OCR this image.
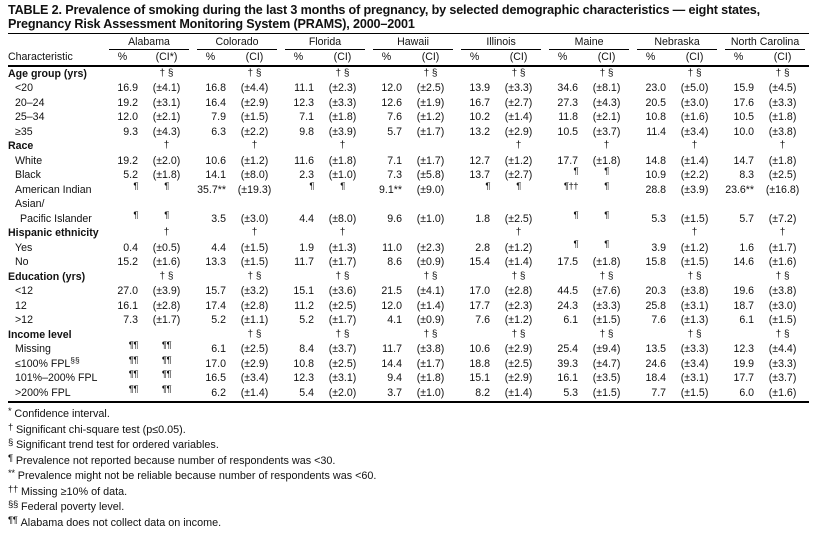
TABLE 2. Prevalence of smoking during the last 3 months of pregnancy, by selected demographic characteristics — eight states,
Pregnancy Risk Assessment Monitoring System (PRAMS), 2000–2001

	Alabama		Colorado		Florida		Hawaii		Illinois		Maine		Nebraska		North Carolina	

Characteristic	%	(CI*)	%	(CI)	%	(CI)	%	(CI)	%	(CI)	%	(CI)	%	(CI)	%	(CI)
Age group (yrs)		† §		† §		† §		† §		† §		† §		† §		† §
<20	16.9	(±4.1)	16.8	(±4.4)	11.1	(±2.3)	12.0	(±2.5)	13.9	(±3.3)	34.6	(±8.1)	23.0	(±5.0)	15.9	(±4.5)
20–24	19.2	(±3.1)	16.4	(±2.9)	12.3	(±3.3)	12.6	(±1.9)	16.7	(±2.7)	27.3	(±4.3)	20.5	(±3.0)	17.6	(±3.3)
25–34	12.0	(±2.1)	7.9	(±1.5)	7.1	(±1.8)	7.6	(±1.2)	10.2	(±1.4)	11.8	(±2.1)	10.8	(±1.6)	10.5	(±1.8)
≥35	9.3	(±4.3)	6.3	(±2.2)	9.8	(±3.9)	5.7	(±1.7)	13.2	(±2.9)	10.5	(±3.7)	11.4	(±3.4)	10.0	(±3.8)
Race		†		†		†				†		†		†		†
White	19.2	(±2.0)	10.6	(±1.2)	11.6	(±1.8)	7.1	(±1.7)	12.7	(±1.2)	17.7	(±1.8)	14.8	(±1.4)	14.7	(±1.8)
Black	5.2	(±1.8)	14.1	(±8.0)	2.3	(±1.0)	7.3	(±5.8)	13.7	(±2.7)	¶	¶	10.9	(±2.2)	8.3	(±2.5)
American Indian	¶	¶	35.7**	(±19.3)	¶	¶	9.1**	(±9.0)	¶	¶	¶††	¶	28.8	(±3.9)	23.6**	(±16.8)
Asian/																
Pacific Islander	¶	¶	3.5	(±3.0)	4.4	(±8.0)	9.6	(±1.0)	1.8	(±2.5)	¶	¶	5.3	(±1.5)	5.7	(±7.2)
Hispanic ethnicity		†		†		†				†				†		†
Yes	0.4	(±0.5)	4.4	(±1.5)	1.9	(±1.3)	11.0	(±2.3)	2.8	(±1.2)	¶	¶	3.9	(±1.2)	1.6	(±1.7)
No	15.2	(±1.6)	13.3	(±1.5)	11.7	(±1.7)	8.6	(±0.9)	15.4	(±1.4)	17.5	(±1.8)	15.8	(±1.5)	14.6	(±1.6)
Education (yrs)		† §		† §		† §		† §		† §		† §		† §		† §
<12	27.0	(±3.9)	15.7	(±3.2)	15.1	(±3.6)	21.5	(±4.1)	17.0	(±2.8)	44.5	(±7.6)	20.3	(±3.8)	19.6	(±3.8)
12	16.1	(±2.8)	17.4	(±2.8)	11.2	(±2.5)	12.0	(±1.4)	17.7	(±2.3)	24.3	(±3.3)	25.8	(±3.1)	18.7	(±3.0)
>12	7.3	(±1.7)	5.2	(±1.1)	5.2	(±1.7)	4.1	(±0.9)	7.6	(±1.2)	6.1	(±1.5)	7.6	(±1.3)	6.1	(±1.5)
Income level				† §		† §		† §		† §		† §		† §		† §
Missing	¶¶	¶¶	6.1	(±2.5)	8.4	(±3.7)	11.7	(±3.8)	10.6	(±2.9)	25.4	(±9.4)	13.5	(±3.3)	12.3	(±4.4)
≤100% FPL§§	¶¶	¶¶	17.0	(±2.9)	10.8	(±2.5)	14.4	(±1.7)	18.8	(±2.5)	39.3	(±4.7)	24.6	(±3.4)	19.9	(±3.3)
101%–200% FPL	¶¶	¶¶	16.5	(±3.4)	12.3	(±3.1)	9.4	(±1.8)	15.1	(±2.9)	16.1	(±3.5)	18.4	(±3.1)	17.7	(±3.7)
>200% FPL	¶¶	¶¶	6.2	(±1.4)	5.4	(±2.0)	3.7	(±1.0)	8.2	(±1.4)	5.3	(±1.5)	7.7	(±1.5)	6.0	(±1.6)
* Confidence interval.
† Significant chi-square test (p≤0.05).
§ Significant trend test for ordered variables.
¶ Prevalence not reported because number of respondents was <30.
** Prevalence might not be reliable because number of respondents was <60.
†† Missing ≥10% of data.
§§ Federal poverty level.
¶¶ Alabama does not collect data on income.
